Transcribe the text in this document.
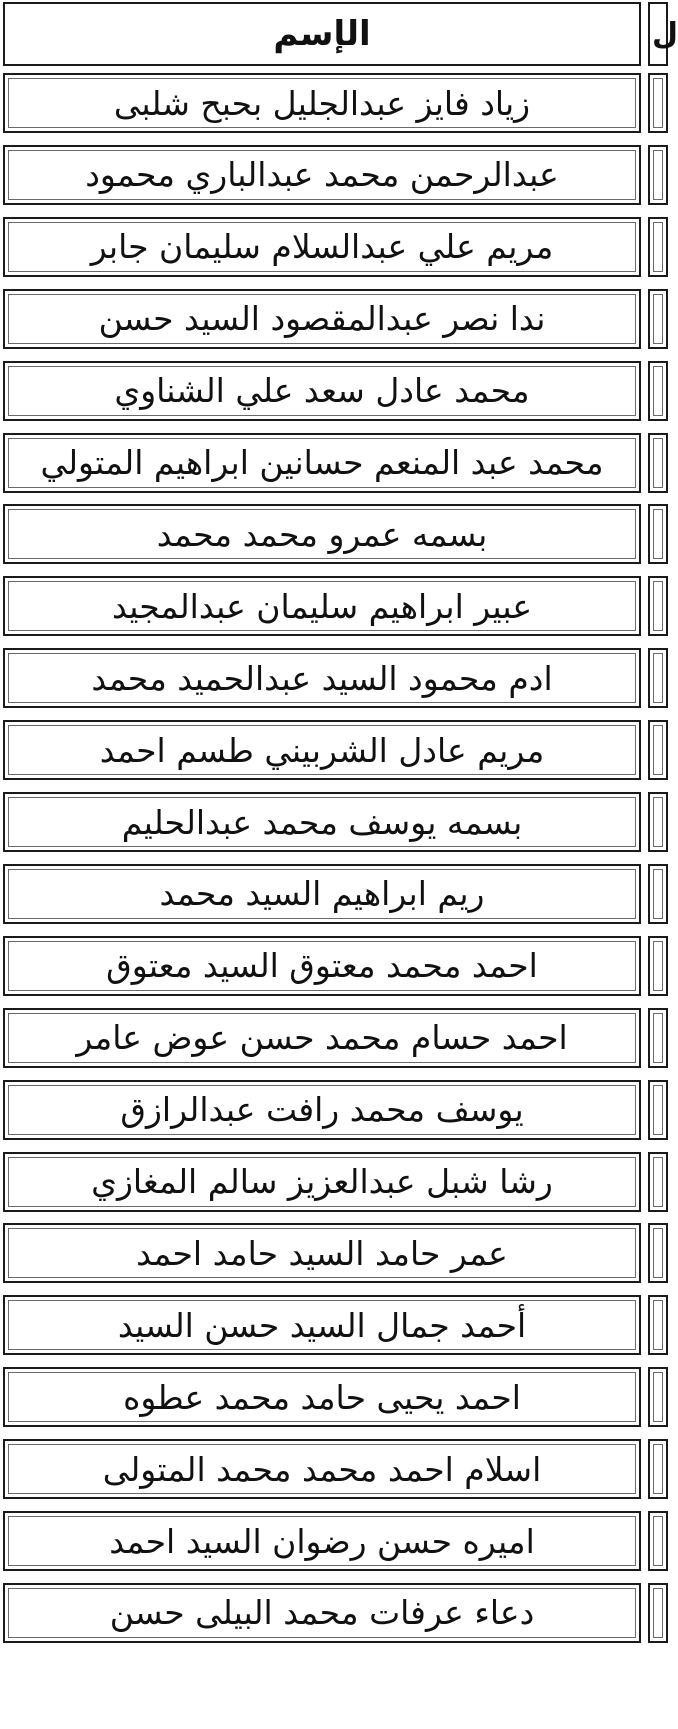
الإسم	ل
زياد فايز عبدالجليل بحبح شلبى
عبدالرحمن محمد عبدالباري محمود
مريم علي عبدالسلام سليمان جابر
ندا نصر عبدالمقصود السيد حسن
محمد عادل سعد علي الشناوي
محمد عبد المنعم حسانين ابراهيم المتولي
بسمه عمرو محمد محمد
عبير ابراهيم سليمان عبدالمجيد
ادم محمود السيد عبدالحميد محمد
مريم عادل الشربيني طسم احمد
بسمه يوسف محمد عبدالحليم
ريم ابراهيم السيد محمد
احمد محمد معتوق السيد معتوق
احمد حسام محمد حسن عوض عامر
يوسف محمد رافت عبدالرازق
رشا شبل عبدالعزيز سالم المغازي
عمر حامد السيد حامد احمد
أحمد جمال السيد حسن السيد
احمد يحيى حامد محمد عطوه
اسلام احمد محمد محمد المتولى
اميره حسن رضوان السيد احمد
دعاء عرفات محمد البيلى حسن
